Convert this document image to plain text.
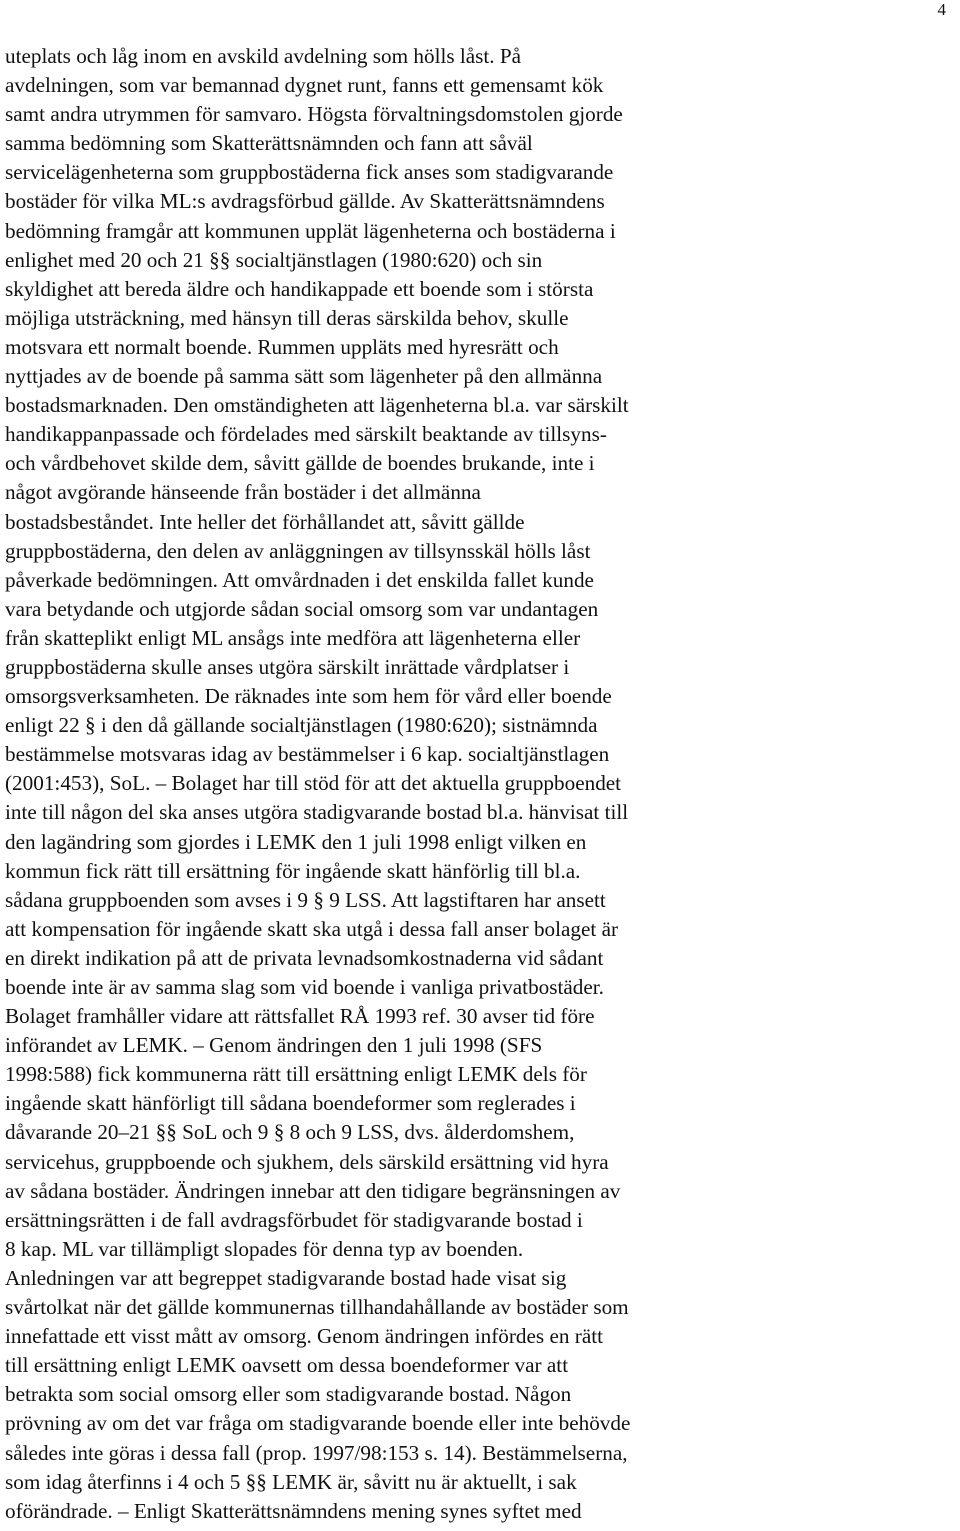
4
uteplats och låg inom en avskild avdelning som hölls låst. På
avdelningen, som var bemannad dygnet runt, fanns ett gemensamt kök
samt andra utrymmen för samvaro. Högsta förvaltningsdomstolen gjorde
samma bedömning som Skatterättsnämnden och fann att såväl
servicelägenheterna som gruppbostäderna fick anses som stadigvarande
bostäder för vilka ML:s avdragsförbud gällde. Av Skatterättsnämndens
bedömning framgår att kommunen upplät lägenheterna och bostäderna i
enlighet med 20 och 21 §§ socialtjänstlagen (1980:620) och sin
skyldighet att bereda äldre och handikappade ett boende som i största
möjliga utsträckning, med hänsyn till deras särskilda behov, skulle
motsvara ett normalt boende. Rummen uppläts med hyresrätt och
nyttjades av de boende på samma sätt som lägenheter på den allmänna
bostadsmarknaden. Den omständigheten att lägenheterna bl.a. var särskilt
handikappanpassade och fördelades med särskilt beaktande av tillsyns-
och vårdbehovet skilde dem, såvitt gällde de boendes brukande, inte i
något avgörande hänseende från bostäder i det allmänna
bostadsbeståndet. Inte heller det förhållandet att, såvitt gällde
gruppbostäderna, den delen av anläggningen av tillsynsskäl hölls låst
påverkade bedömningen. Att omvårdnaden i det enskilda fallet kunde
vara betydande och utgjorde sådan social omsorg som var undantagen
från skatteplikt enligt ML ansågs inte medföra att lägenheterna eller
gruppbostäderna skulle anses utgöra särskilt inrättade vårdplatser i
omsorgsverksamheten. De räknades inte som hem för vård eller boende
enligt 22 § i den då gällande socialtjänstlagen (1980:620); sistnämnda
bestämmelse motsvaras idag av bestämmelser i 6 kap. socialtjänstlagen
(2001:453), SoL. – Bolaget har till stöd för att det aktuella gruppboendet
inte till någon del ska anses utgöra stadigvarande bostad bl.a. hänvisat till
den lagändring som gjordes i LEMK den 1 juli 1998 enligt vilken en
kommun fick rätt till ersättning för ingående skatt hänförlig till bl.a.
sådana gruppboenden som avses i 9 § 9 LSS. Att lagstiftaren har ansett
att kompensation för ingående skatt ska utgå i dessa fall anser bolaget är
en direkt indikation på att de privata levnadsomkostnaderna vid sådant
boende inte är av samma slag som vid boende i vanliga privatbostäder.
Bolaget framhåller vidare att rättsfallet RÅ 1993 ref. 30 avser tid före
införandet av LEMK. – Genom ändringen den 1 juli 1998 (SFS
1998:588) fick kommunerna rätt till ersättning enligt LEMK dels för
ingående skatt hänförligt till sådana boendeformer som reglerades i
dåvarande 20–21 §§ SoL och 9 § 8 och 9 LSS, dvs. ålderdomshem,
servicehus, gruppboende och sjukhem, dels särskild ersättning vid hyra
av sådana bostäder. Ändringen innebar att den tidigare begränsningen av
ersättningsrätten i de fall avdragsförbudet för stadigvarande bostad i
8 kap. ML var tillämpligt slopades för denna typ av boenden.
Anledningen var att begreppet stadigvarande bostad hade visat sig
svårtolkat när det gällde kommunernas tillhandahållande av bostäder som
innefattade ett visst mått av omsorg. Genom ändringen infördes en rätt
till ersättning enligt LEMK oavsett om dessa boendeformer var att
betrakta som social omsorg eller som stadigvarande bostad. Någon
prövning av om det var fråga om stadigvarande boende eller inte behövde
således inte göras i dessa fall (prop. 1997/98:153 s. 14). Bestämmelserna,
som idag återfinns i 4 och 5 §§ LEMK är, såvitt nu är aktuellt, i sak
oförändrade. – Enligt Skatterättsnämndens mening synes syftet med
